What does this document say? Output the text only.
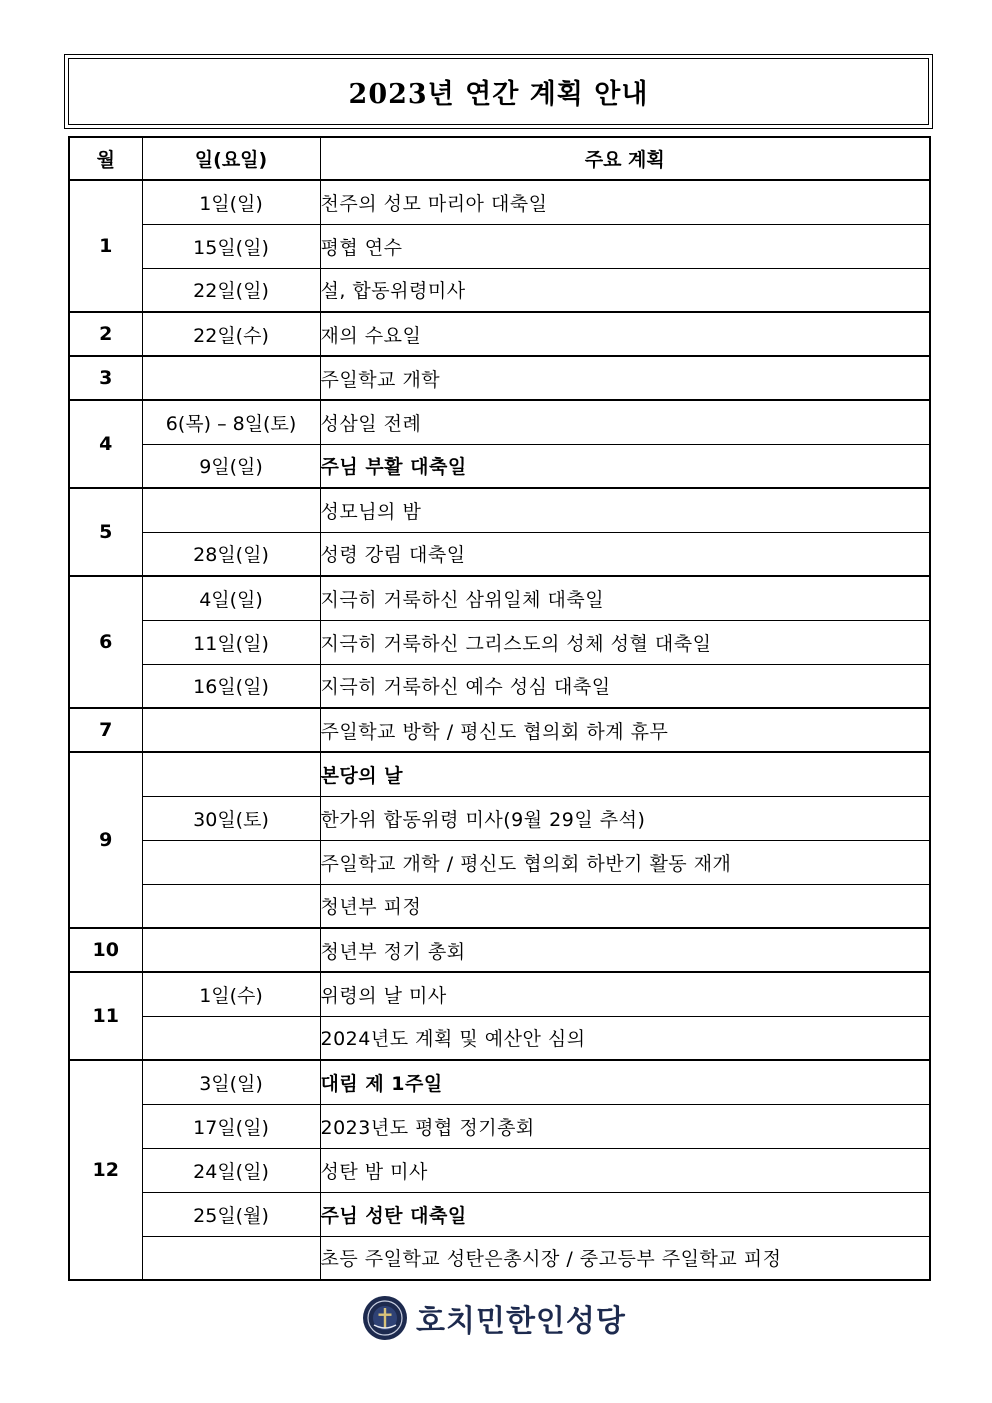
2023년 연간 계획 안내
월	일(요일)	주요 계획
1	1일(일)	천주의 성모 마리아 대축일
	15일(일)	평협 연수
	22일(일)	설, 합동위령미사
2	22일(수)	재의 수요일
3		주일학교 개학
4	6(목) – 8일(토)	성삼일 전례
	9일(일)	주님 부활 대축일
5		성모님의 밤
	28일(일)	성령 강림 대축일
6	4일(일)	지극히 거룩하신 삼위일체 대축일
	11일(일)	지극히 거룩하신 그리스도의 성체 성혈 대축일
	16일(일)	지극히 거룩하신 예수 성심 대축일
7		주일학교 방학 / 평신도 협의회 하계 휴무
9		본당의 날
	30일(토)	한가위 합동위령 미사(9월 29일 추석)
		주일학교 개학 / 평신도 협의회 하반기 활동 재개
		청년부 피정
10		청년부 정기 총회
11	1일(수)	위령의 날 미사
		2024년도 계획 및 예산안 심의
12	3일(일)	대림 제 1주일
	17일(일)	2023년도 평협 정기총회
	24일(일)	성탄 밤 미사
	25일(월)	주님 성탄 대축일
		초등 주일학교 성탄은총시장 / 중고등부 주일학교 피정
호치민한인성당
